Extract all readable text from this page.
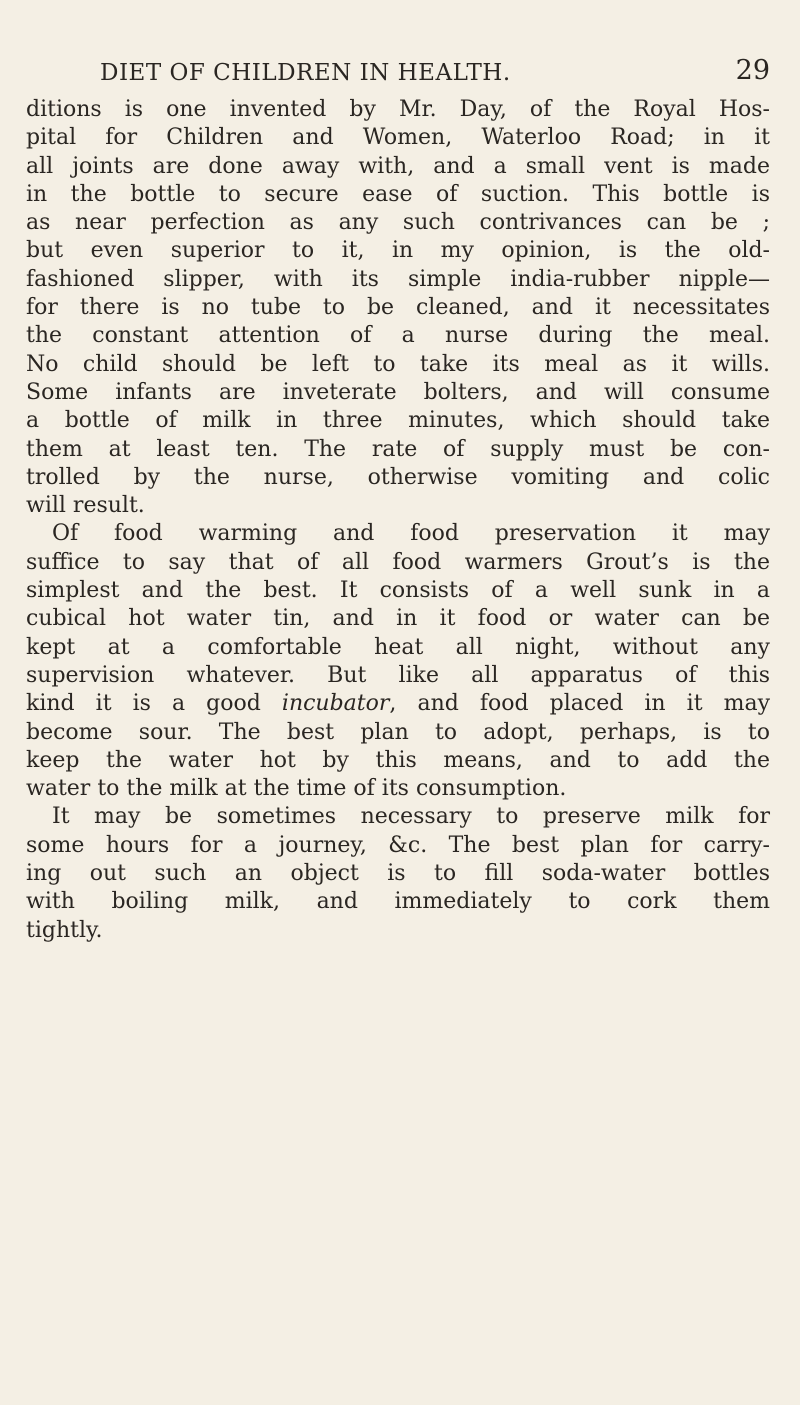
DIET OF CHILDREN IN HEALTH.	29
ditions is one invented by Mr. Day, of the Royal Hos-
pital for Children and Women, Waterloo Road; in it
all joints are done away with, and a small vent is made
in the bottle to secure ease of suction. This bottle is
as near perfection as any such contrivances can be ;
but even superior to it, in my opinion, is the old-
fashioned slipper, with its simple india-rubber nipple—
for there is no tube to be cleaned, and it necessitates
the constant attention of a nurse during the meal.
No child should be left to take its meal as it wills.
Some infants are inveterate bolters, and will consume
a bottle of milk in three minutes, which should take
them at least ten. The rate of supply must be con-
trolled by the nurse, otherwise vomiting and colic
will result.
Of food warming and food preservation it may
suffice to say that of all food warmers Grout’s is the
simplest and the best. It consists of a well sunk in a
cubical hot water tin, and in it food or water can be
kept at a comfortable heat all night, without any
supervision whatever. But like all apparatus of this
kind it is a good incubator, and food placed in it may
become sour. The best plan to adopt, perhaps, is to
keep the water hot by this means, and to add the
water to the milk at the time of its consumption.
It may be sometimes necessary to preserve milk for
some hours for a journey, &c. The best plan for carry-
ing out such an object is to fill soda-water bottles
with boiling milk, and immediately to cork them
tightly.
